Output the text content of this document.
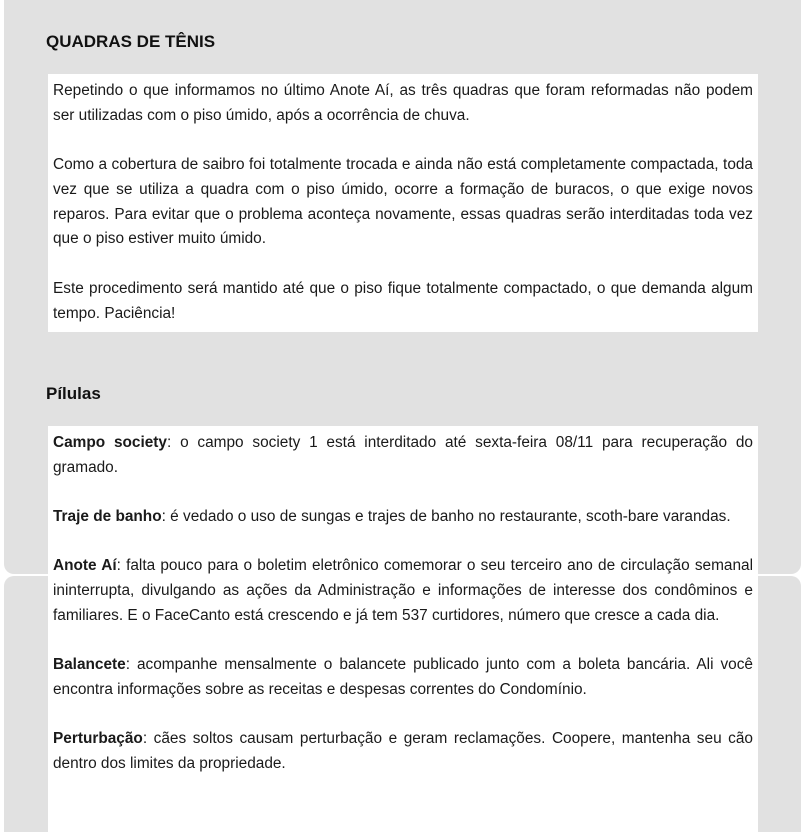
QUADRAS DE TÊNIS

Repetindo o que informamos no último Anote Aí, as três quadras que foram reformadas não podem ser utilizadas com o piso úmido, após a ocorrência de chuva.

Como a cobertura de saibro foi totalmente trocada e ainda não está completamente compactada, toda vez que se utiliza a quadra com o piso úmido, ocorre a formação de buracos, o que exige novos reparos. Para evitar que o problema aconteça novamente, essas quadras serão interditadas toda vez que o piso estiver muito úmido.

Este procedimento será mantido até que o piso fique totalmente compactado, o que demanda algum tempo. Paciência!

Pílulas

Campo society: o campo society 1 está interditado até sexta-feira 08/11 para recuperação do gramado.

Traje de banho: é vedado o uso de sungas e trajes de banho no restaurante, scoth-bare varandas.

Anote Aí: falta pouco para o boletim eletrônico comemorar o seu terceiro ano de circulação semanal ininterrupta, divulgando as ações da Administração e informações de interesse dos condôminos e familiares. E o FaceCanto está crescendo e já tem 537 curtidores, número que cresce a cada dia.

Balancete: acompanhe mensalmente o balancete publicado junto com a boleta bancária. Ali você encontra informações sobre as receitas e despesas correntes do Condomínio.

Perturbação: cães soltos causam perturbação e geram reclamações. Coopere, mantenha seu cão dentro dos limites da propriedade.
